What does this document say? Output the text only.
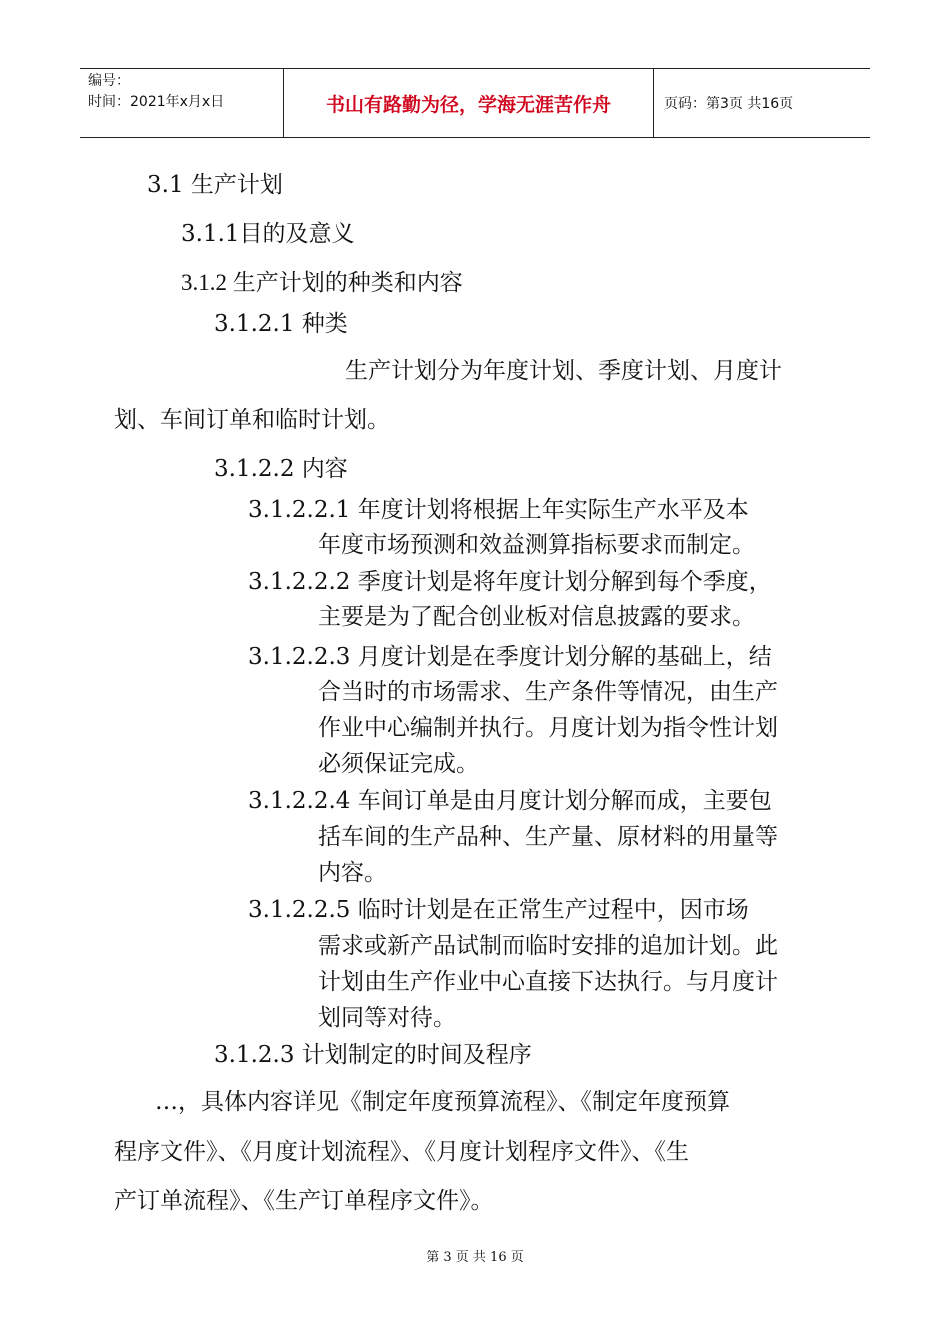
编号：
时间：2021年x月x日	书山有路勤为径，学海无涯苦作舟	页码：第3页 共16页
3.1 生产计划
3.1.1目的及意义
3.1.2 生产计划的种类和内容
3.1.2.1 种类
生产计划分为年度计划、季度计划、月度计
划、车间订单和临时计划。
3.1.2.2 内容
3.1.2.2.1 年度计划将根据上年实际生产水平及本
年度市场预测和效益测算指标要求而制定。
3.1.2.2.2 季度计划是将年度计划分解到每个季度，
主要是为了配合创业板对信息披露的要求。
3.1.2.2.3 月度计划是在季度计划分解的基础上，结
合当时的市场需求、生产条件等情况，由生产
作业中心编制并执行。月度计划为指令性计划
必须保证完成。
3.1.2.2.4 车间订单是由月度计划分解而成，主要包
括车间的生产品种、生产量、原材料的用量等
内容。
3.1.2.2.5 临时计划是在正常生产过程中，因市场
需求或新产品试制而临时安排的追加计划。此
计划由生产作业中心直接下达执行。与月度计
划同等对待。
3.1.2.3 计划制定的时间及程序
…，具体内容详见《制定年度预算流程》、《制定年度预算
程序文件》、《月度计划流程》、《月度计划程序文件》、《生
产订单流程》、《生产订单程序文件》。
第 3 页 共 16 页
